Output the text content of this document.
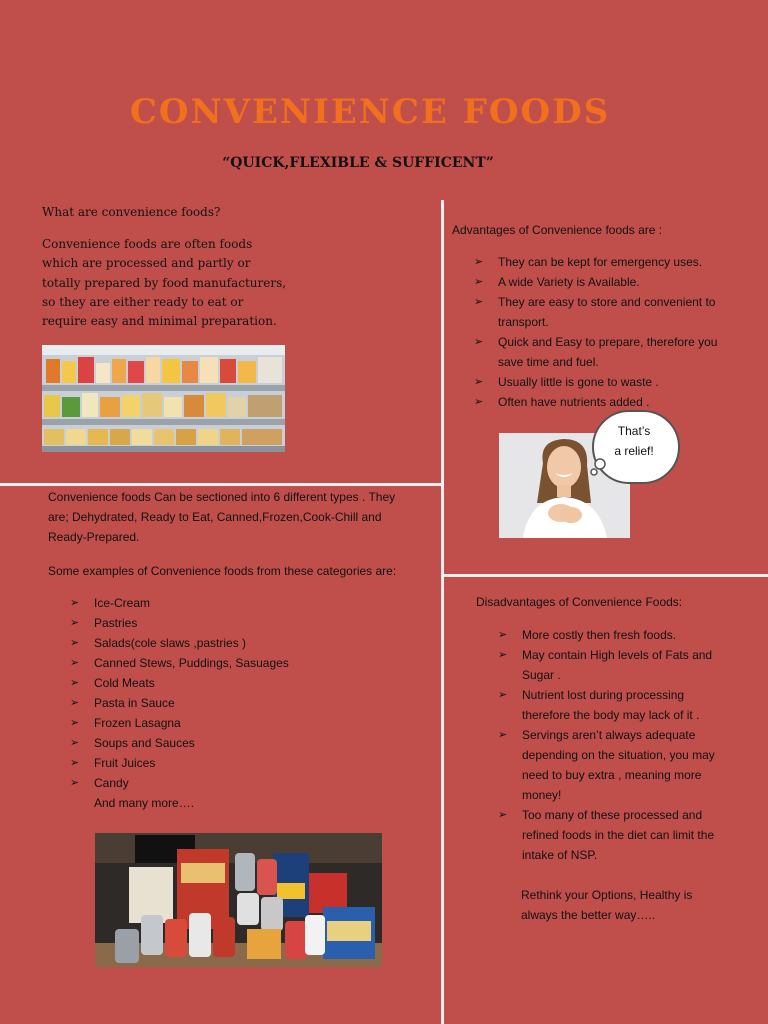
CONVENIENCE FOODS
“QUICK,FLEXIBLE & SUFFICENT”
What are convenience foods?
Convenience foods are often foods which are processed and partly or totally prepared by food manufacturers, so they are either ready to eat or require easy and minimal preparation.
Advantages of Convenience foods are :
➢ They can be kept for emergency uses.
➢ A wide Variety is Available.
➢ They are easy to store and convenient to transport.
➢ Quick and Easy to prepare, therefore you save time and fuel.
➢ Usually little is gone to waste .
➢ Often have nutrients added .
That’s
a relief!
Convenience foods Can be sectioned into 6 different types . They are; Dehydrated, Ready to Eat, Canned,Frozen,Cook-Chill and Ready-Prepared.
Some examples of Convenience foods from these categories are:
➢ Ice-Cream
➢ Pastries
➢ Salads(cole slaws ,pastries )
➢ Canned Stews, Puddings, Sasuages
➢ Cold Meats
➢ Pasta in Sauce
➢ Frozen Lasagna
➢ Soups and Sauces
➢ Fruit Juices
➢ Candy
And many more….
Disadvantages of Convenience Foods:
➢ More costly then fresh foods.
➢ May contain High levels of Fats and Sugar .
➢ Nutrient lost during processing therefore the body may lack of it .
➢ Servings aren’t always adequate depending on the situation, you may need to buy extra , meaning more money!
➢ Too many of these processed and refined foods in the diet can limit the intake of NSP.
Rethink your Options, Healthy is always the better way…..
